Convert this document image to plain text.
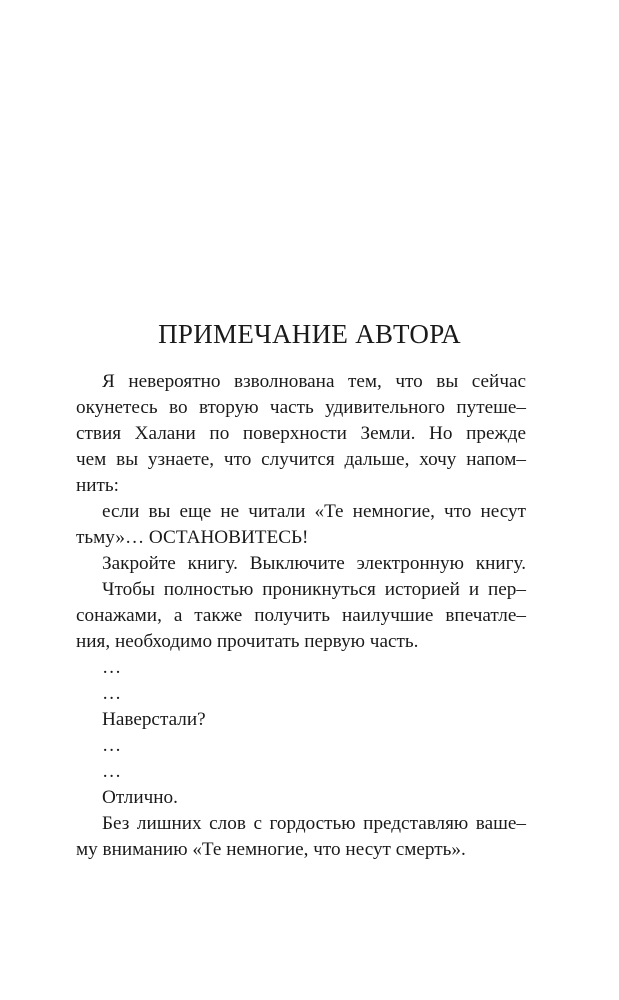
ПРИМЕЧАНИЕ АВТОРА
Я невероятно взволнована тем, что вы сейчас
окунетесь во вторую часть удивительного путеше–
ствия Халани по поверхности Земли. Но прежде
чем вы узнаете, что случится дальше, хочу напом–
нить:
если вы еще не читали «Те немногие, что несут
тьму»… ОСТАНОВИТЕСЬ!
Закройте книгу. Выключите электронную книгу.
Чтобы полностью проникнуться историей и пер–
сонажами, а также получить наилучшие впечатле–
ния, необходимо прочитать первую часть.
…
…
Наверстали?
…
…
Отлично.
Без лишних слов с гордостью представляю ваше–
му вниманию «Те немногие, что несут смерть».
